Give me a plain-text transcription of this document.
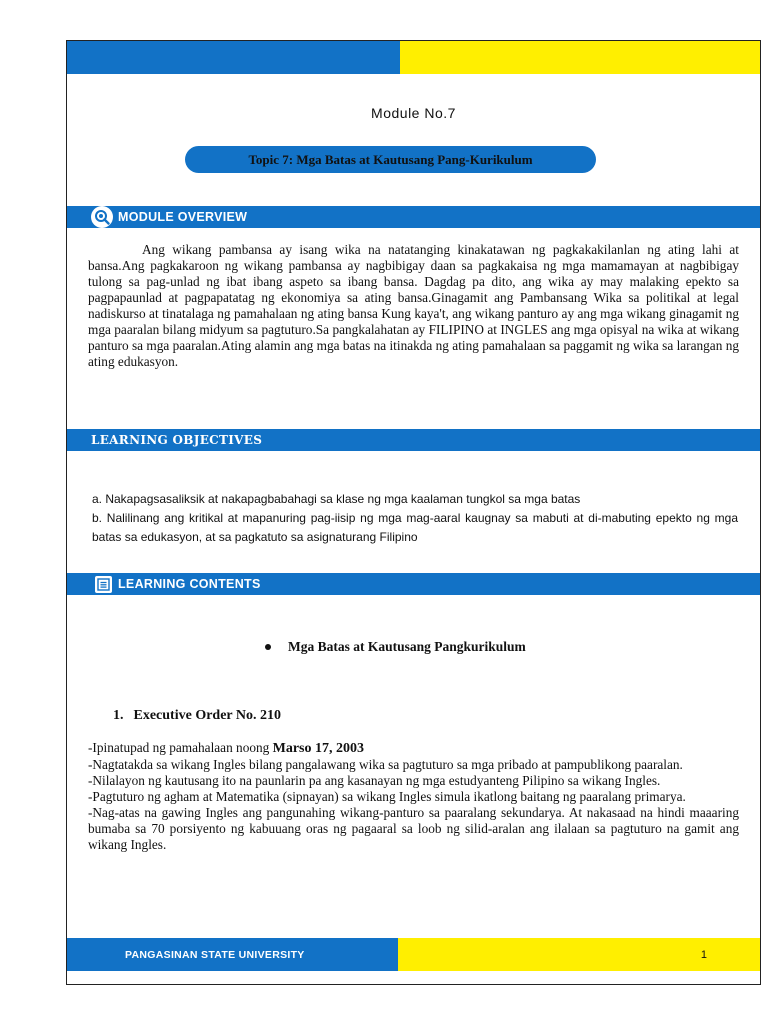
Module No.7
Topic 7: Mga Batas at Kautusang Pang-Kurikulum
MODULE OVERVIEW

Ang wikang pambansa ay isang wika na natatanging kinakatawan ng pagkakakilanlan ng ating lahi at bansa.Ang pagkakaroon ng wikang pambansa ay nagbibigay daan sa pagkakaisa ng mga mamamayan at nagbibigay tulong sa pag-unlad ng ibat ibang aspeto sa ibang bansa. Dagdag pa dito, ang wika ay may malaking epekto sa pagpapaunlad at pagpapatatag ng ekonomiya sa ating bansa.Ginagamit ang Pambansang Wika sa politikal at legal nadiskurso at tinatalaga ng pamahalaan ng ating bansa Kung kaya't, ang wikang panturo ay ang mga wikang ginagamit ng mga paaralan bilang midyum sa pagtuturo.Sa pangkalahatan ay FILIPINO at INGLES ang mga opisyal na wika at wikang panturo sa mga paaralan.Ating alamin ang mga batas na itinakda ng ating pamahalaan sa paggamit ng wika sa larangan ng ating edukasyon.

LEARNING OBJECTIVES

a. Nakapagsasaliksik at nakapagbabahagi sa klase ng mga kaalaman tungkol sa mga batas

b. Nalilinang ang kritikal at mapanuring pag-iisip ng mga mag-aaral kaugnay sa mabuti at di-mabuting epekto ng mga batas sa edukasyon, at sa pagkatuto sa asignaturang Filipino

LEARNING CONTENTS
Mga Batas at Kautusang Pangkurikulum
1. Executive Order No. 210

-Ipinatupad ng pamahalaan noong Marso 17, 2003

-Nagtatakda sa wikang Ingles bilang pangalawang wika sa pagtuturo sa mga pribado at pampublikong paaralan.

-Nilalayon ng kautusang ito na paunlarin pa ang kasanayan ng mga estudyanteng Pilipino sa wikang Ingles.

-Pagtuturo ng agham at Matematika (sipnayan) sa wikang Ingles simula ikatlong baitang ng paaralang primarya.

-Nag-atas na gawing Ingles ang pangunahing wikang-panturo sa paaralang sekundarya. At nakasaad na hindi maaaring bumaba sa 70 porsiyento ng kabuuang oras ng pagaaral sa loob ng silid-aralan ang ilalaan sa pagtuturo na gamit ang wikang Ingles.

PANGASINAN STATE UNIVERSITY	1
